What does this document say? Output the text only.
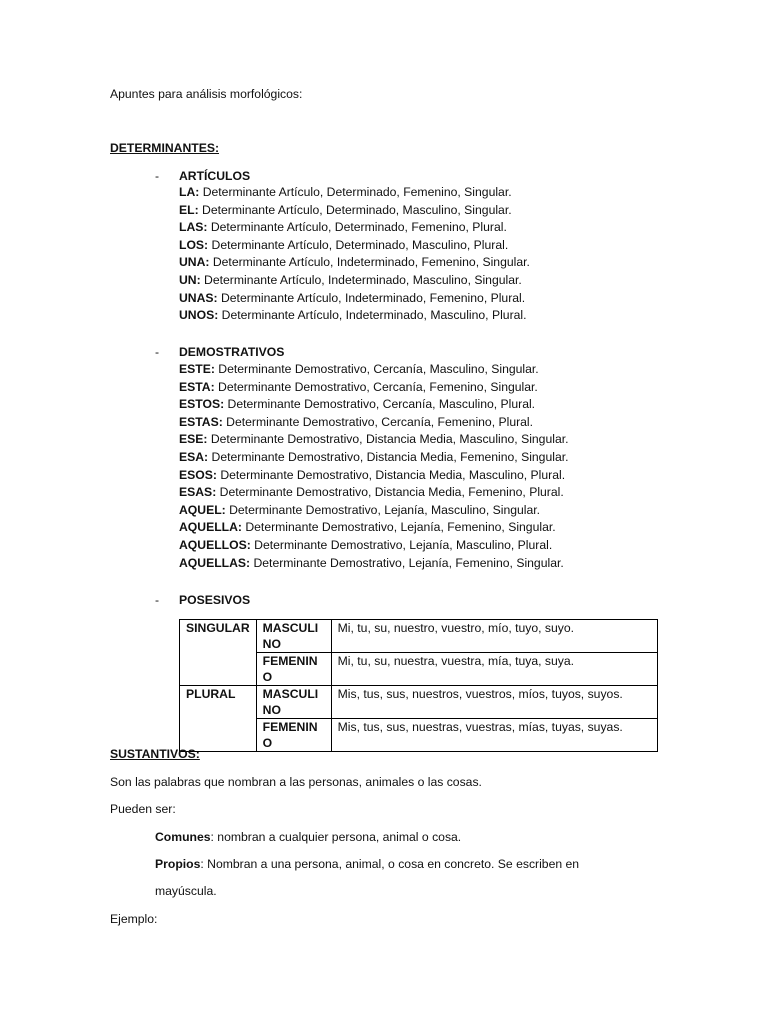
Apuntes para análisis morfológicos:
DETERMINANTES:
- ARTÍCULOS
LA: Determinante Artículo, Determinado, Femenino, Singular.
EL: Determinante Artículo, Determinado, Masculino, Singular.
LAS: Determinante Artículo, Determinado, Femenino, Plural.
LOS: Determinante Artículo, Determinado, Masculino, Plural.
UNA: Determinante Artículo, Indeterminado, Femenino, Singular.
UN: Determinante Artículo, Indeterminado, Masculino, Singular.
UNAS: Determinante Artículo, Indeterminado, Femenino, Plural.
UNOS: Determinante Artículo, Indeterminado, Masculino, Plural.
- DEMOSTRATIVOS
ESTE: Determinante Demostrativo, Cercanía, Masculino, Singular.
ESTA: Determinante Demostrativo, Cercanía, Femenino, Singular.
ESTOS: Determinante Demostrativo, Cercanía, Masculino, Plural.
ESTAS: Determinante Demostrativo, Cercanía, Femenino, Plural.
ESE: Determinante Demostrativo, Distancia Media, Masculino, Singular.
ESA: Determinante Demostrativo, Distancia Media, Femenino, Singular.
ESOS: Determinante Demostrativo, Distancia Media, Masculino, Plural.
ESAS: Determinante Demostrativo, Distancia Media, Femenino, Plural.
AQUEL: Determinante Demostrativo, Lejanía, Masculino, Singular.
AQUELLA: Determinante Demostrativo, Lejanía, Femenino, Singular.
AQUELLOS: Determinante Demostrativo, Lejanía, Masculino, Plural.
AQUELLAS: Determinante Demostrativo, Lejanía, Femenino, Singular.
- POSESIVOS
SINGULAR	MASCULINO	Mi, tu, su, nuestro, vuestro, mío, tuyo, suyo.
	FEMENINO	Mi, tu, su, nuestra, vuestra, mía, tuya, suya.
PLURAL	MASCULINO	Mis, tus, sus, nuestros, vuestros, míos, tuyos, suyos.
	FEMENINO	Mis, tus, sus, nuestras, vuestras, mías, tuyas, suyas.
SUSTANTIVOS:
Son las palabras que nombran a las personas, animales o las cosas.
Pueden ser:
Comunes: nombran a cualquier persona, animal o cosa.
Propios: Nombran a una persona, animal, o cosa en concreto. Se escriben en
mayúscula.
Ejemplo:
